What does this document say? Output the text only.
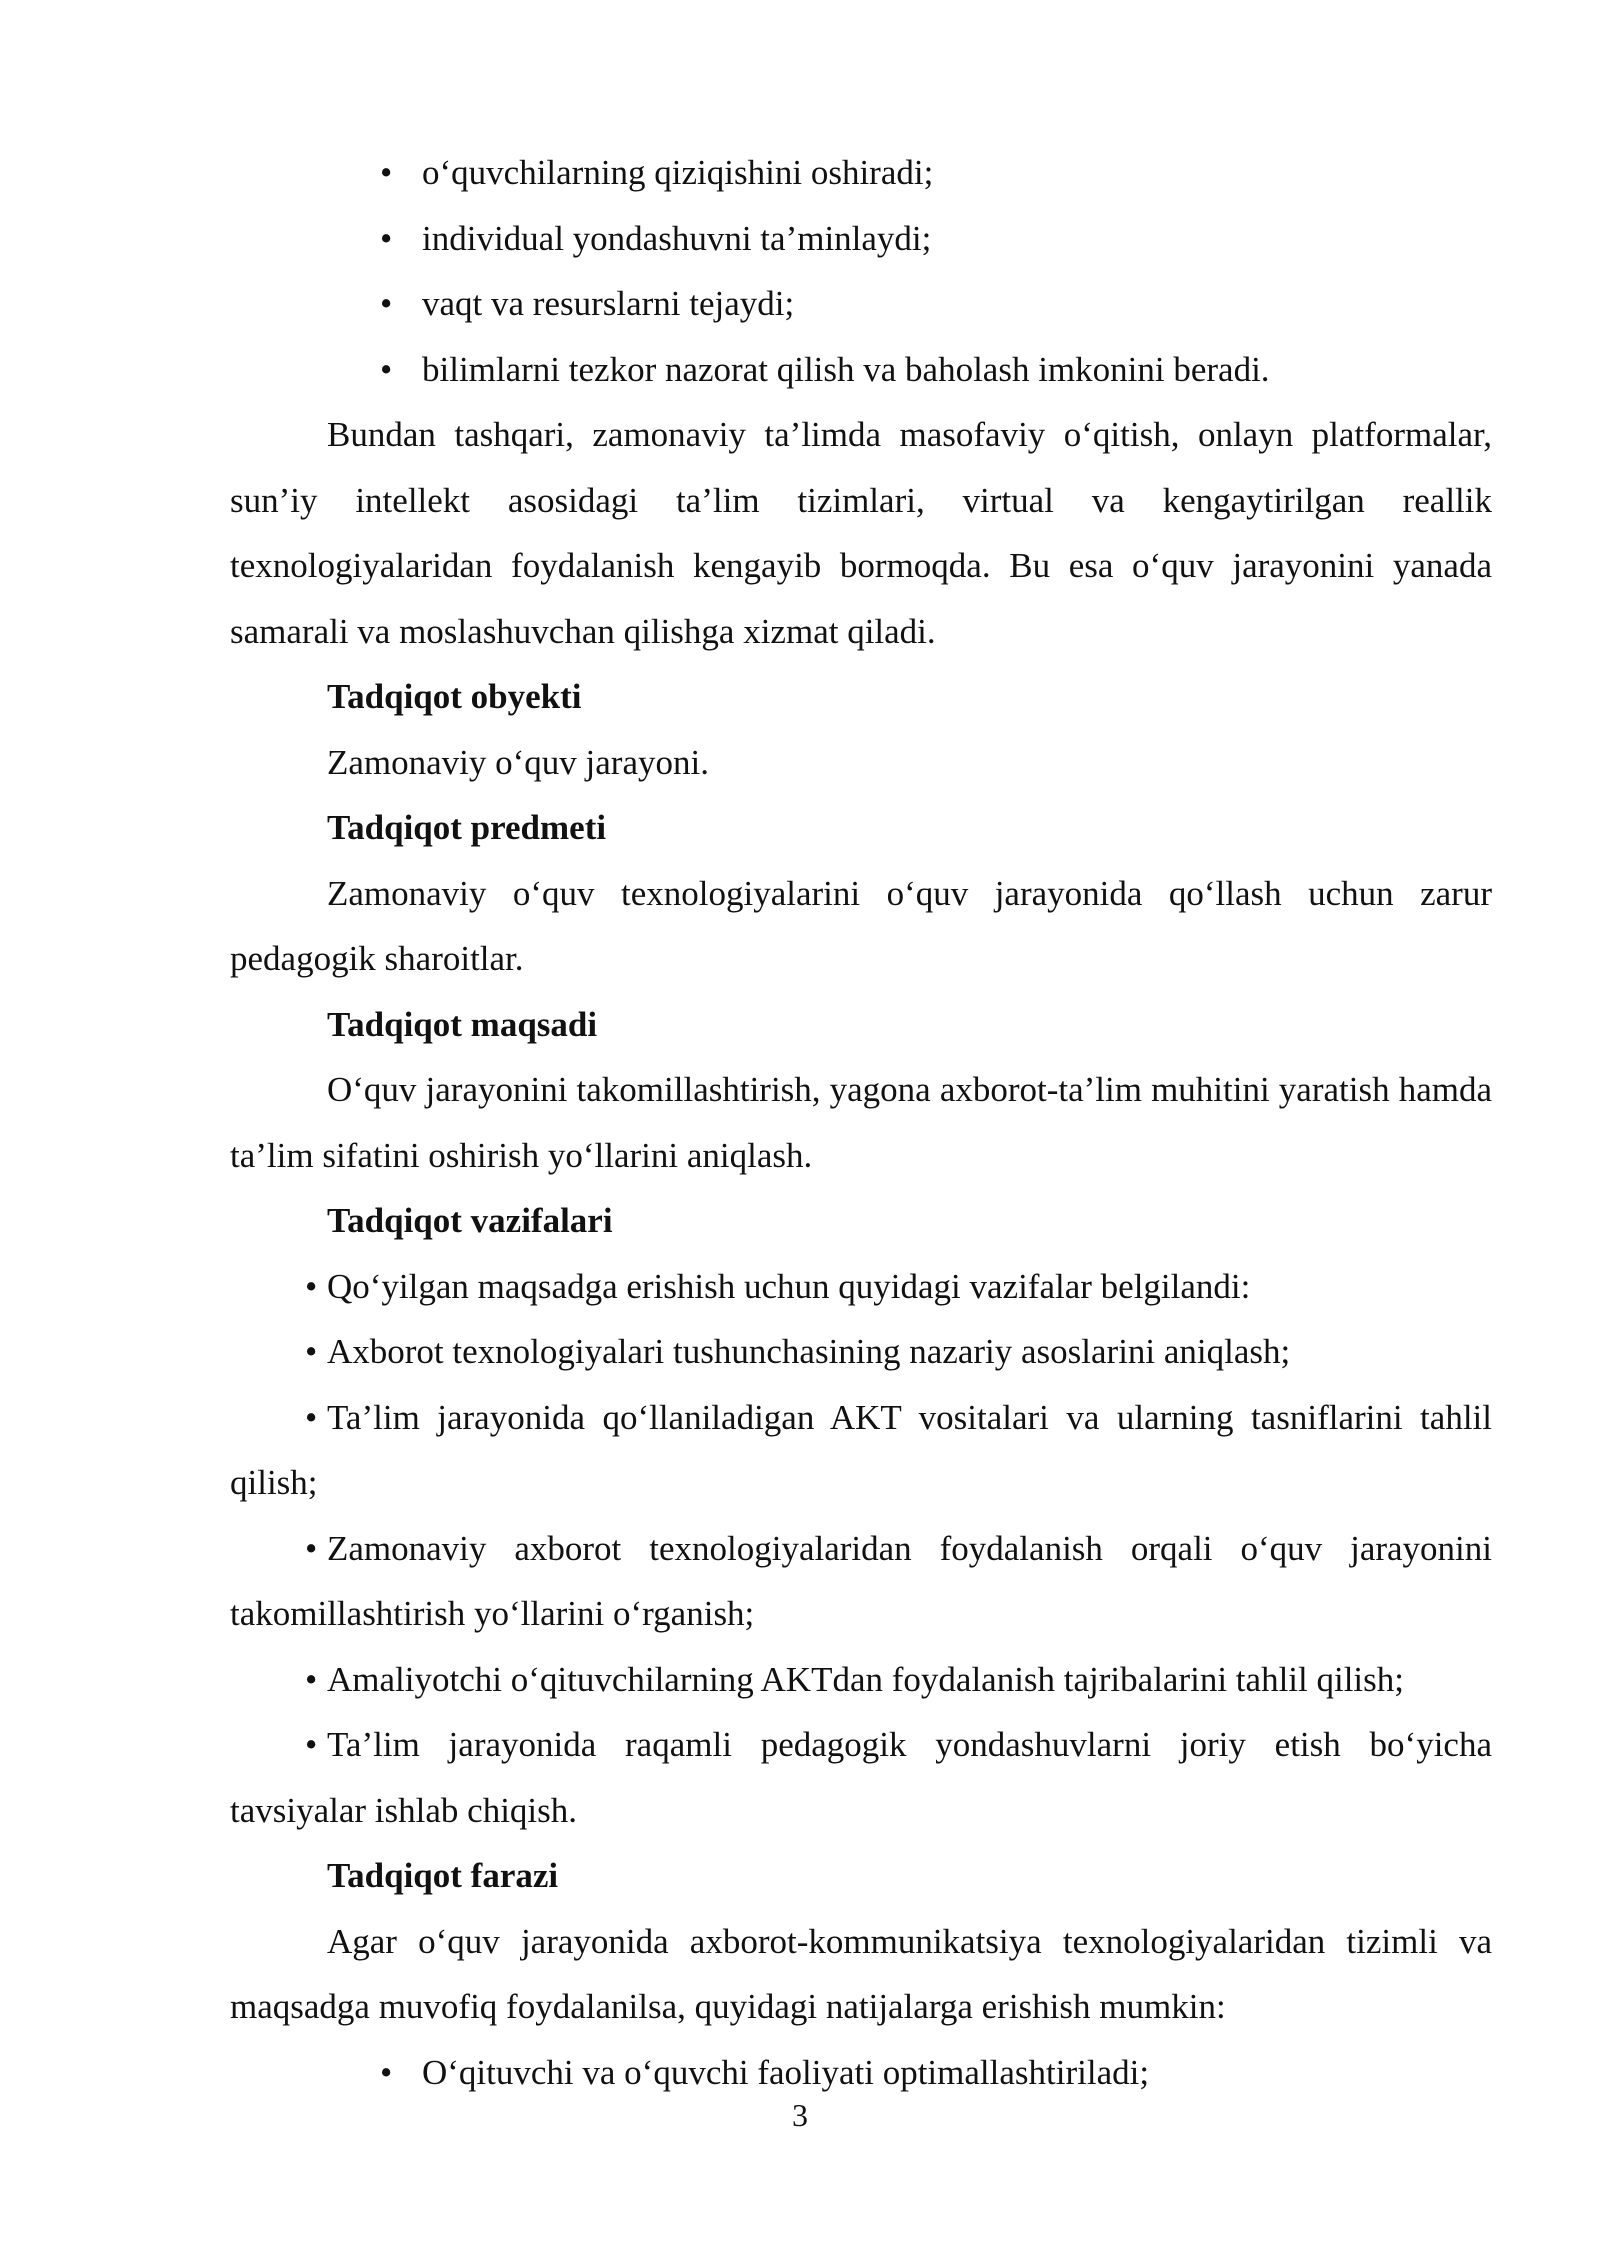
• o‘quvchilarning qiziqishini oshiradi;
• individual yondashuvni ta’minlaydi;
• vaqt va resurslarni tejaydi;
• bilimlarni tezkor nazorat qilish va baholash imkonini beradi.

Bundan tashqari, zamonaviy ta’limda masofaviy o‘qitish, onlayn platformalar, sun’iy intellekt asosidagi ta’lim tizimlari, virtual va kengaytirilgan reallik texnologiyalaridan foydalanish kengayib bormoqda. Bu esa o‘quv jarayonini yanada samarali va moslashuvchan qilishga xizmat qiladi.

Tadqiqot obyekti
Zamonaviy o‘quv jarayoni.
Tadqiqot predmeti

Zamonaviy o‘quv texnologiyalarini o‘quv jarayonida qo‘llash uchun zarur pedagogik sharoitlar.

Tadqiqot maqsadi

O‘quv jarayonini takomillashtirish, yagona axborot-ta’lim muhitini yaratish hamda ta’lim sifatini oshirish yo‘llarini aniqlash.

Tadqiqot vazifalari

• Qo‘yilgan maqsadga erishish uchun quyidagi vazifalar belgilandi:

• Axborot texnologiyalari tushunchasining nazariy asoslarini aniqlash;

• Ta’lim jarayonida qo‘llaniladigan AKT vositalari va ularning tasniflarini tahlil qilish;

• Zamonaviy axborot texnologiyalaridan foydalanish orqali o‘quv jarayonini takomillashtirish yo‘llarini o‘rganish;

• Amaliyotchi o‘qituvchilarning AKTdan foydalanish tajribalarini tahlil qilish;

• Ta’lim jarayonida raqamli pedagogik yondashuvlarni joriy etish bo‘yicha tavsiyalar ishlab chiqish.

Tadqiqot farazi

Agar o‘quv jarayonida axborot-kommunikatsiya texnologiyalaridan tizimli va maqsadga muvofiq foydalanilsa, quyidagi natijalarga erishish mumkin:

• O‘qituvchi va o‘quvchi faoliyati optimallashtiriladi;
3
